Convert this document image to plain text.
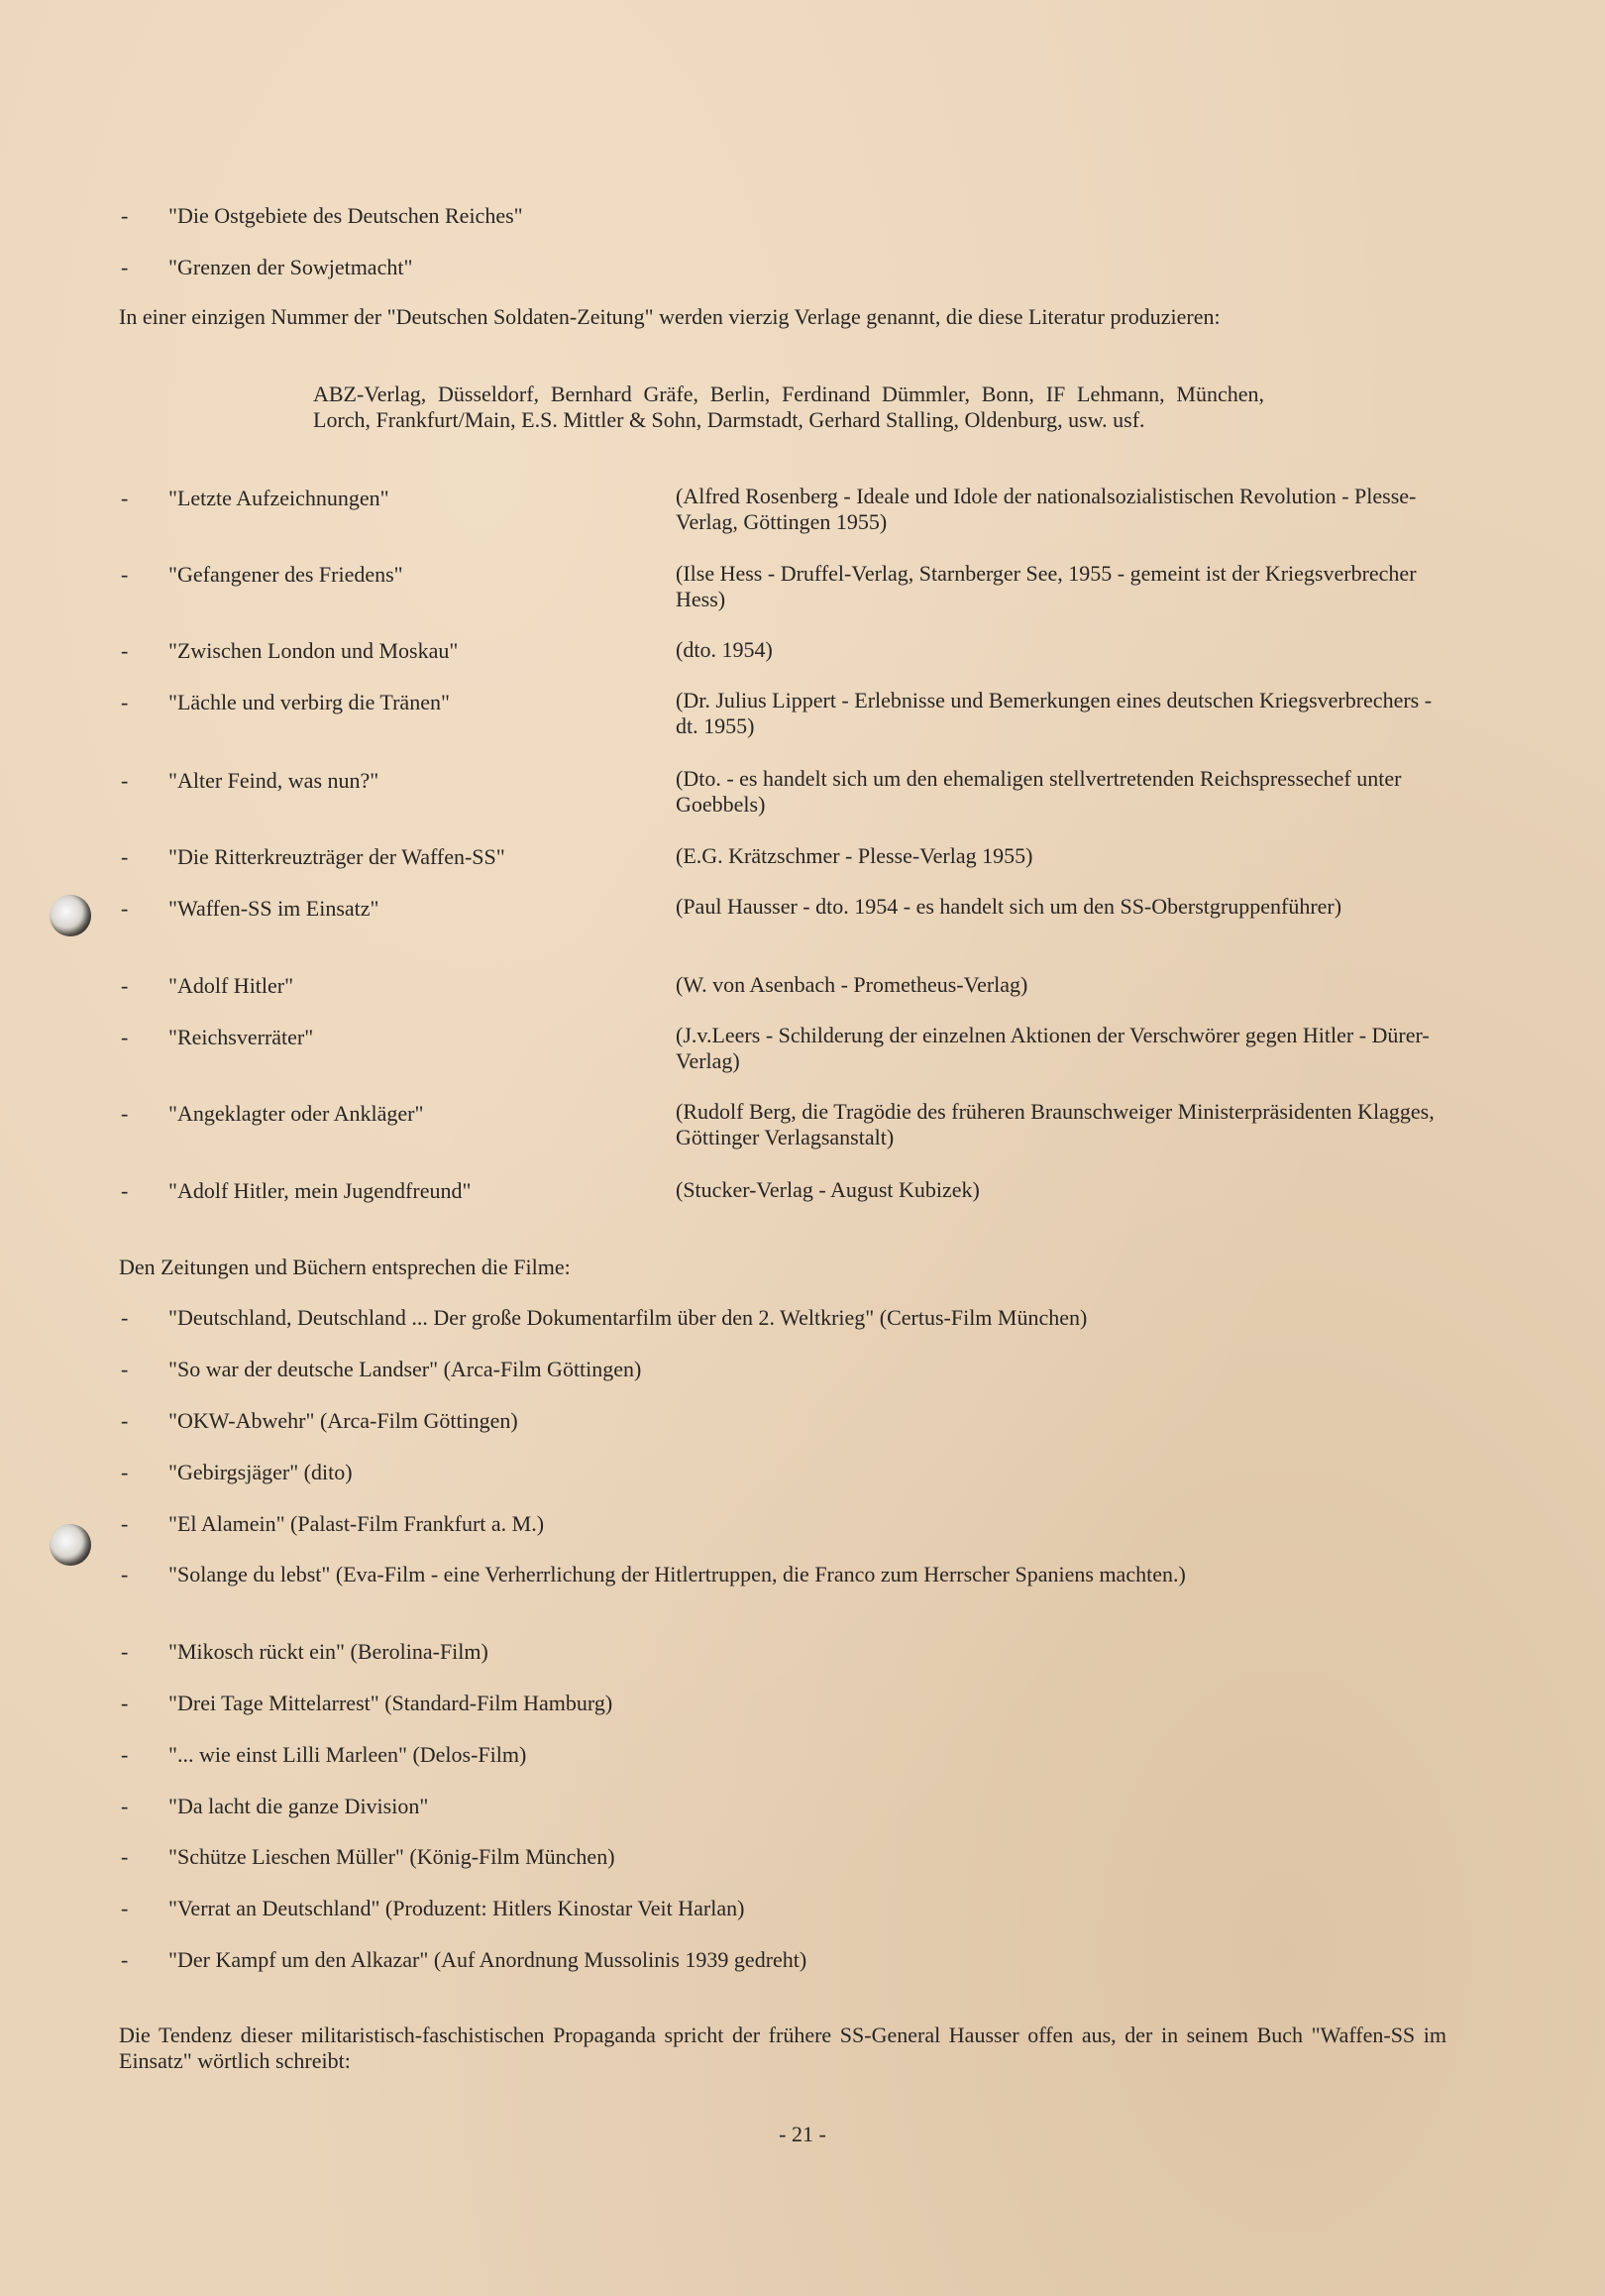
- "Die Ostgebiete des Deutschen Reiches"
- "Grenzen der Sowjetmacht"
In einer einzigen Nummer der "Deutschen Soldaten-Zeitung" werden vierzig Verlage genannt, die diese Literatur produzieren:
ABZ-Verlag, Düsseldorf, Bernhard Gräfe, Berlin, Ferdinand Dümmler, Bonn, IF Lehmann, München, Lorch, Frankfurt/Main, E.S. Mittler & Sohn, Darmstadt, Gerhard Stalling, Oldenburg, usw. usf.
- "Letzte Aufzeichnungen"	(Alfred Rosenberg - Ideale und Idole der nationalsozialistischen Revolution - Plesse-Verlag, Göttingen 1955)
- "Gefangener des Friedens"	(Ilse Hess - Druffel-Verlag, Starnberger See, 1955 - gemeint ist der Kriegsverbrecher Hess)
- "Zwischen London und Moskau"	(dto. 1954)
- "Lächle und verbirg die Tränen"	(Dr. Julius Lippert - Erlebnisse und Bemerkungen eines deutschen Kriegsverbrechers - dt. 1955)
- "Alter Feind, was nun?"	(Dto. - es handelt sich um den ehemaligen stellvertretenden Reichspressechef unter Goebbels)
- "Die Ritterkreuzträger der Waffen-SS"	(E.G. Krätzschmer - Plesse-Verlag 1955)
- "Waffen-SS im Einsatz"	(Paul Hausser - dto. 1954 - es handelt sich um den SS-Oberstgruppenführer)
- "Adolf Hitler"	(W. von Asenbach - Prometheus-Verlag)
- "Reichsverräter"	(J.v.Leers - Schilderung der einzelnen Aktionen der Verschwörer gegen Hitler - Dürer-Verlag)
- "Angeklagter oder Ankläger"	(Rudolf Berg, die Tragödie des früheren Braunschweiger Ministerpräsidenten Klagges, Göttinger Verlagsanstalt)
- "Adolf Hitler, mein Jugendfreund"	(Stucker-Verlag - August Kubizek)
Den Zeitungen und Büchern entsprechen die Filme:
- "Deutschland, Deutschland ... Der große Dokumentarfilm über den 2. Weltkrieg" (Certus-Film München)
- "So war der deutsche Landser" (Arca-Film Göttingen)
- "OKW-Abwehr" (Arca-Film Göttingen)
- "Gebirgsjäger" (dito)
- "El Alamein" (Palast-Film Frankfurt a. M.)
- "Solange du lebst" (Eva-Film - eine Verherrlichung der Hitlertruppen, die Franco zum Herrscher Spaniens machten.)
- "Mikosch rückt ein" (Berolina-Film)
- "Drei Tage Mittelarrest" (Standard-Film Hamburg)
- "... wie einst Lilli Marleen" (Delos-Film)
- "Da lacht die ganze Division"
- "Schütze Lieschen Müller" (König-Film München)
- "Verrat an Deutschland" (Produzent: Hitlers Kinostar Veit Harlan)
- "Der Kampf um den Alkazar" (Auf Anordnung Mussolinis 1939 gedreht)
Die Tendenz dieser militaristisch-faschistischen Propaganda spricht der frühere SS-General Hausser offen aus, der in seinem Buch "Waffen-SS im Einsatz" wörtlich schreibt:
- 21 -
